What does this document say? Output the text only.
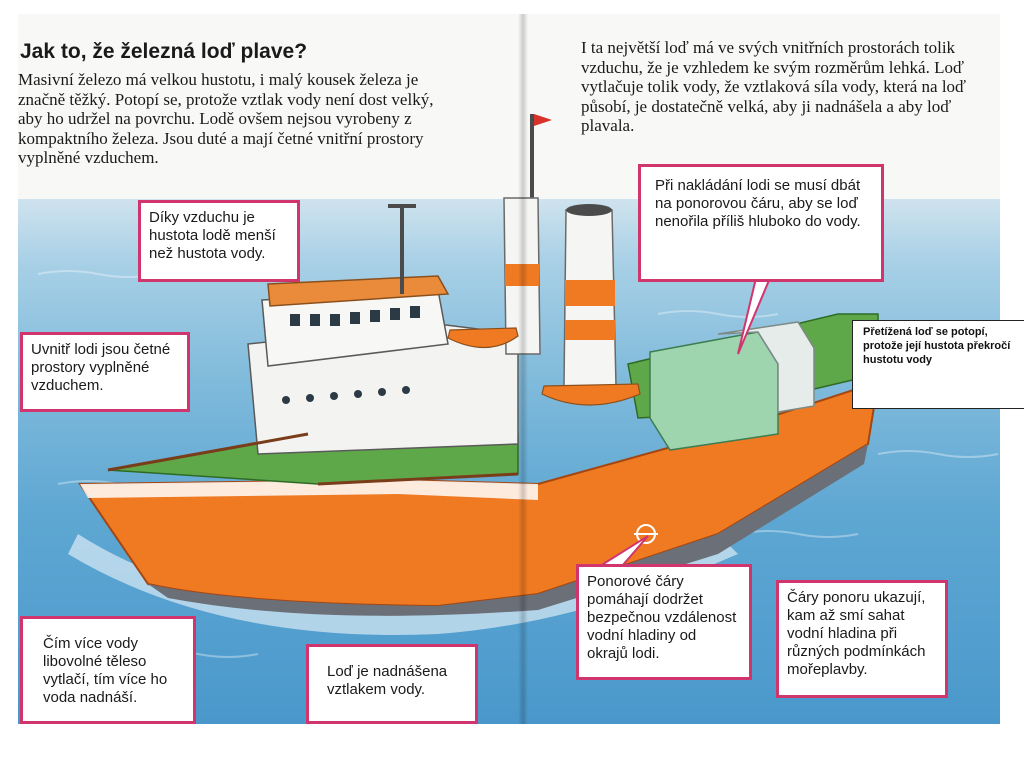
Jak to, že železná loď plave?

Masivní železo má velkou hustotu, i malý kousek železa je značně těžký. Potopí se, protože vztlak vody není dost velký, aby ho udržel na povrchu. Lodě ovšem nejsou vyrobeny z kompaktního železa. Jsou duté a mají četné vnitřní prostory vyplněné vzduchem.

I ta největší loď má ve svých vnitřních prostorách tolik vzduchu, že je vzhledem ke svým rozměrům lehká. Loď vytlačuje tolik vody, že vztlaková síla vody, která na loď působí, je dostatečně velká, aby ji nadnášela a aby loď plavala.

Díky vzduchu je hustota lodě menší než hustota vody.

Uvnitř lodi jsou četné prostory vyplněné vzduchem.

Při nakládání lodi se musí dbát na ponorovou čáru, aby se loď nenořila příliš hluboko do vody.

Čím více vody libovolné těleso vytlačí, tím více ho voda nadnáší.

Loď je nadnášena vztlakem vody.

Ponorové čáry pomáhají dodržet bezpečnou vzdálenost vodní hladiny od okrajů lodi.

Čáry ponoru ukazují, kam až smí sahat vodní hladina při různých podmínkách mořeplavby.

Přetížená loď se potopí, protože její hustota překročí hustotu vody
